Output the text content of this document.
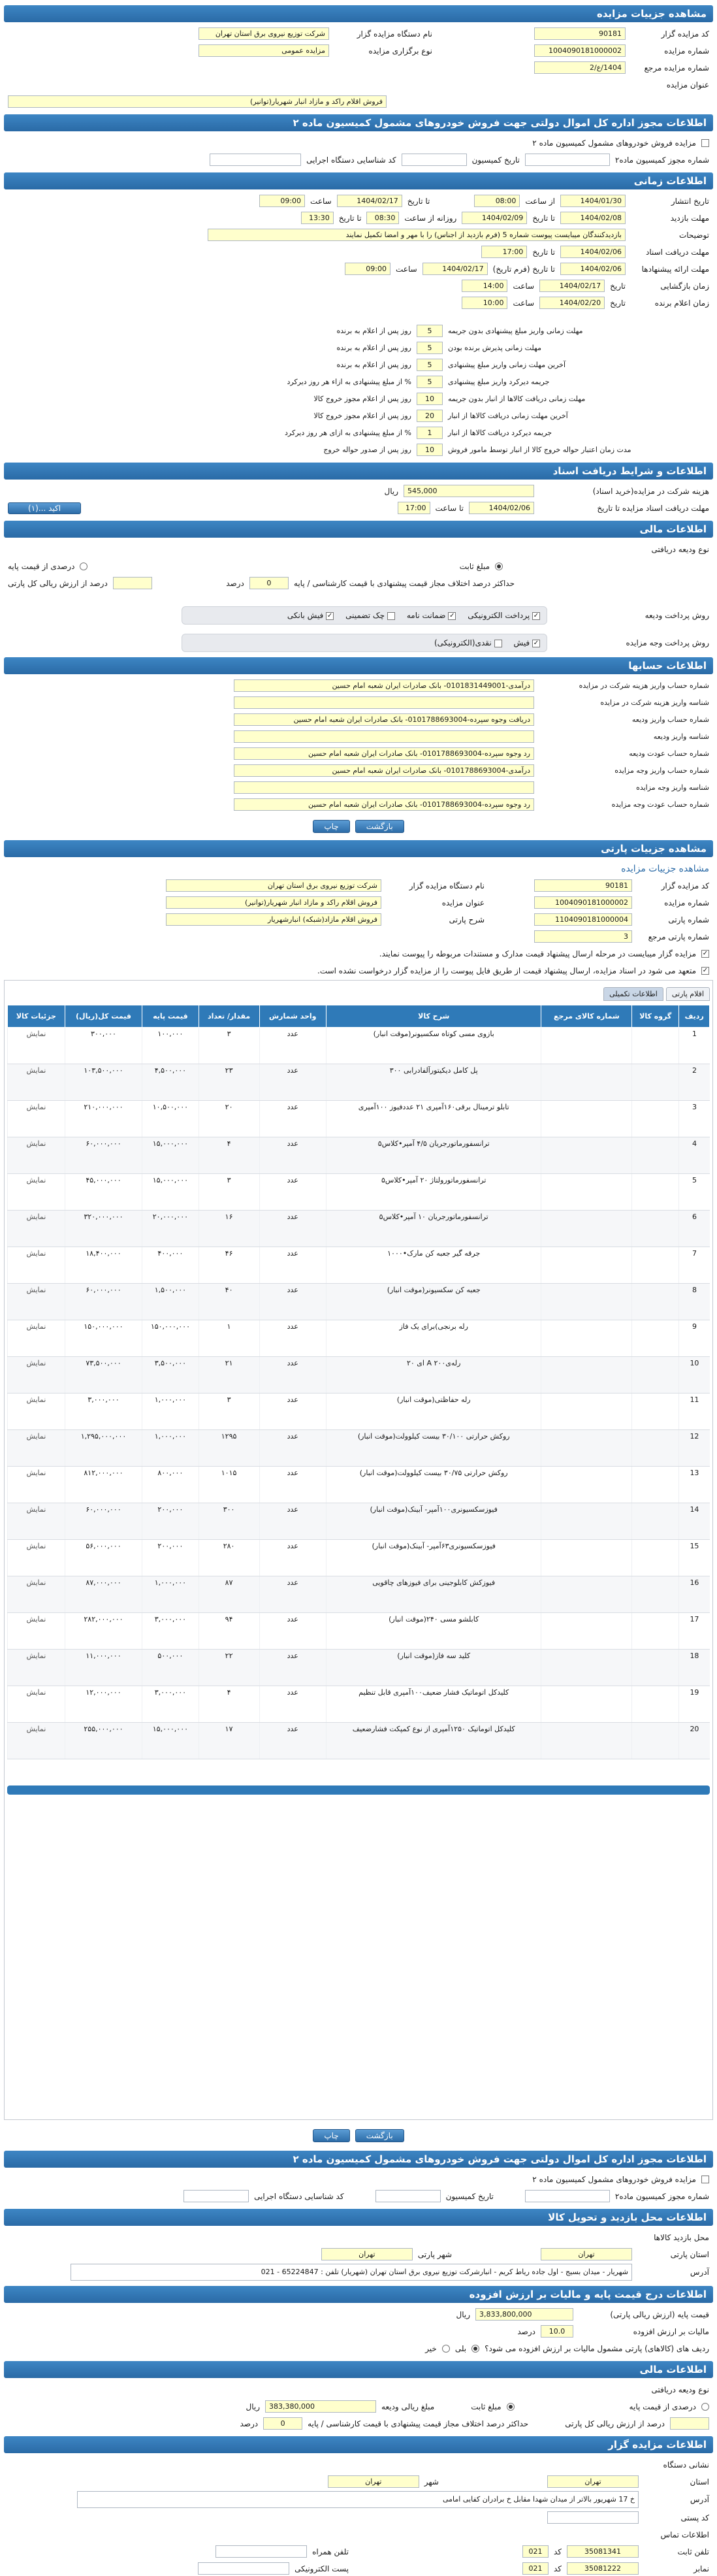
مشاهده جزییات مزایده
کد مزایده گزار
90181
نام دستگاه مزایده گزار
شرکت توزیع نیروی برق استان تهران
شماره مزایده
1004090181000002
نوع برگزاری مزایده
مزایده عمومی
شماره مزایده مرجع
1404/ع/2
عنوان مزایده
فروش اقلام راکد و مازاد انبار شهریار(توانیر)
اطلاعات مجوز اداره کل اموال دولتی جهت فروش خودروهای مشمول کمیسیون ماده ۲
مزایده فروش خودروهای مشمول کمیسیون ماده ۲
شماره مجوز کمیسیون ماده۲
تاریخ کمیسیون
کد شناسایی دستگاه اجرایی
اطلاعات زمانی
تاریخ انتشار
1404/01/30
از ساعت
08:00
تا تاریخ
1404/02/17
ساعت
09:00
مهلت بازدید
1404/02/08
تا تاریخ
1404/02/09
روزانه از ساعت
08:30
تا تاریخ
13:30
توضیحات
بازدیدکنندگان میبایست پیوست شماره 5 (فرم بازدید از اجناس) را با مهر و امضا تکمیل نمایند
مهلت دریافت اسناد
1404/02/06
تا تاریخ
17:00
مهلت ارائه پیشنهادها
1404/02/06
تا تاریخ (فرم تاریخ)
1404/02/17
ساعت
09:00
زمان بازگشایی
تاریخ
1404/02/17
ساعت
14:00
زمان اعلام برنده
تاریخ
1404/02/20
ساعت
10:00
مهلت زمانی واریز مبلغ پیشنهادی بدون جریمه
5
روز پس از اعلام به برنده
مهلت زمانی پذیرش برنده بودن
5
روز پس از اعلام به برنده
آخرین مهلت زمانی واریز مبلغ پیشنهادی
5
روز پس از اعلام به برنده
جریمه دیرکرد واریز مبلغ پیشنهادی
5
% از مبلغ پیشنهادی به ازاء هر روز دیرکرد
مهلت زمانی دریافت کالاها از انبار بدون جریمه
10
روز پس از اعلام مجوز خروج کالا
آخرین مهلت زمانی دریافت کالاها از انبار
20
روز پس از اعلام مجوز خروج کالا
جریمه دیرکرد دریافت کالاها از انبار
1
% از مبلغ پیشنهادی به ازای هر روز دیرکرد
مدت زمان اعتبار حواله خروج کالا از انبار توسط مامور فروش
10
روز پس از صدور حواله خروج
اطلاعات و شرایط دریافت اسناد
هزینه شرکت در مزایده(خرید اسناد)
545,000
ریال
مهلت دریافت اسناد مزایده تا تاریخ
1404/02/06
تا ساعت
17:00
اکید ...(۱)
اطلاعات مالی
نوع ودیعه دریافتی
مبلغ ثابت
درصدی از قیمت پایه
حداکثر درصد اختلاف مجاز قیمت پیشنهادی با قیمت کارشناسی / پایه
0
درصد
درصد از ارزش ریالی کل پارتی
روش پرداخت ودیعه
✓ پرداخت الکترونیکی
✓ ضمانت نامه
چک تضمینی
✓ فیش بانکی
روش پرداخت وجه مزایده
✓ فیش
نقدی(الکترونیکی)
اطلاعات حسابها
شماره حساب واریز هزینه شرکت در مزایده
درآمدی-0101831449001- بانک صادرات ایران شعبه امام حسین
شناسه واریز هزینه شرکت در مزایده
شماره حساب واریز ودیعه
دریافت وجوه سپرده-0101788693004- بانک صادرات ایران شعبه امام حسین
شناسه واریز ودیعه
شماره حساب عودت ودیعه
رد وجوه سپرده-0101788693004- بانک صادرات ایران شعبه امام حسین
شماره حساب واریز وجه مزایده
درآمدی-0101788693004- بانک صادرات ایران شعبه امام حسین
شناسه واریز وجه مزایده
شماره حساب عودت وجه مزایده
رد وجوه سپرده-0101788693004- بانک صادرات ایران شعبه امام حسین
بازگشت
چاپ
مشاهده جزییات پارتی
مشاهده جزییات مزایده
کد مزایده گزار
90181
نام دستگاه مزایده گزار
شرکت توزیع نیروی برق استان تهران
شماره مزایده
1004090181000002
عنوان مزایده
فروش اقلام راکد و مازاد انبار شهریار(توانیر)
شماره پارتی
1104090181000004
شرح پارتی
فروش اقلام مازاد(شبکه) انبارشهریار
شماره پارتی مرجع
3
✓
مزایده گزار میبایست در مرحله ارسال پیشنهاد قیمت مدارک و مستندات مربوطه را پیوست نمایند.
✓
متعهد می شود در اسناد مزایده، ارسال پیشنهاد قیمت از طریق فایل پیوست را از مزایده گزار درخواست نشده است.
اقلام پارتی
اطلاعات تکمیلی
ردیف	گروه کالا	شماره کالای مرجع	شرح کالا	واحد شمارش	مقدار/ تعداد	قیمت پایه	قیمت کل(ریال)	جزئیات کالا
1			بازوی مسی کوتاه سکسیونر(موقت انبار)	عدد	۳	۱۰۰,۰۰۰	۳۰۰,۰۰۰	نمایش
2			پل کامل دیکیتورآلفادرابی ۳۰۰	عدد	۲۳	۴,۵۰۰,۰۰۰	۱۰۳,۵۰۰,۰۰۰	نمایش
3			تابلو ترمینال برقی۱۶۰آمپری ۲۱ عددفیوز ۱۰۰آمپری	عدد	۲۰	۱۰,۵۰۰,۰۰۰	۲۱۰,۰۰۰,۰۰۰	نمایش
4			ترانسفورماتورجریان ۴/۵ آمپر•کلاس۵	عدد	۴	۱۵,۰۰۰,۰۰۰	۶۰,۰۰۰,۰۰۰	نمایش
5			ترانسفورماتورولتاژ ۲۰ آمپر•کلاس۵	عدد	۳	۱۵,۰۰۰,۰۰۰	۴۵,۰۰۰,۰۰۰	نمایش
6			ترانسفورماتورجریان ۱۰ آمپر•کلاس۵	عدد	۱۶	۲۰,۰۰۰,۰۰۰	۳۲۰,۰۰۰,۰۰۰	نمایش
7			جرقه گیر جعبه کن مارک•۱۰۰۰	عدد	۴۶	۴۰۰,۰۰۰	۱۸,۴۰۰,۰۰۰	نمایش
8			جعبه کن سکسیونر(موقت انبار)	عدد	۴۰	۱,۵۰۰,۰۰۰	۶۰,۰۰۰,۰۰۰	نمایش
9			رله برنجی)برای یک فاز	عدد	۱	۱۵۰,۰۰۰,۰۰۰	۱۵۰,۰۰۰,۰۰۰	نمایش
10			رله‌ی۲۰۰ A ای ۲۰	عدد	۲۱	۳,۵۰۰,۰۰۰	۷۳,۵۰۰,۰۰۰	نمایش
11			رله حفاظتی(موقت انبار)	عدد	۳	۱,۰۰۰,۰۰۰	۳,۰۰۰,۰۰۰	نمایش
12			روکش حرارتی ۳۰/۱۰۰ بیست کیلوولت(موقت انبار)	عدد	۱۲۹۵	۱,۰۰۰,۰۰۰	۱,۲۹۵,۰۰۰,۰۰۰	نمایش
13			روکش حرارتی ۳۰/۷۵ بیست کیلوولت(موقت انبار)	عدد	۱۰۱۵	۸۰۰,۰۰۰	۸۱۲,۰۰۰,۰۰۰	نمایش
14			فیوزسکسیونری۱۰۰آمپر- آبینک(موقت انبار)	عدد	۳۰۰	۲۰۰,۰۰۰	۶۰,۰۰۰,۰۰۰	نمایش
15			فیوزسکسیونری۶۳آمپر- آبینک(موقت انبار)	عدد	۲۸۰	۲۰۰,۰۰۰	۵۶,۰۰۰,۰۰۰	نمایش
16			فیوزکش کابلوجینی برای فیوزهای چاقویی	عدد	۸۷	۱,۰۰۰,۰۰۰	۸۷,۰۰۰,۰۰۰	نمایش
17			کابلشو مسی ۲۴۰(موقت انبار)	عدد	۹۴	۳,۰۰۰,۰۰۰	۲۸۲,۰۰۰,۰۰۰	نمایش
18			کلید سه فاز(موقت انبار)	عدد	۲۲	۵۰۰,۰۰۰	۱۱,۰۰۰,۰۰۰	نمایش
19			کلیدکل اتوماتیک فشار ضعیف۱۰۰آمپری قابل تنظیم	عدد	۴	۳,۰۰۰,۰۰۰	۱۲,۰۰۰,۰۰۰	نمایش
20			کلیدکل اتوماتیک ۱۲۵۰آمپری از نوع کمپکت فشارضعیف	عدد	۱۷	۱۵,۰۰۰,۰۰۰	۲۵۵,۰۰۰,۰۰۰	نمایش
بازگشت
چاپ
اطلاعات مجوز اداره کل اموال دولتی جهت فروش خودروهای مشمول کمیسیون ماده ۲
مزایده فروش خودروهای مشمول کمیسیون ماده ۲
شماره مجوز کمیسیون ماده۲
تاریخ کمیسیون
کد شناسایی دستگاه اجرایی
اطلاعات محل بازدید و تحویل کالا
محل بازدید کالاها
استان پارتی
تهران
شهر پارتی
تهران
آدرس
شهریار - میدان بسیج - اول جاده ریاط کریم - انبارشرکت توزیع نیروی برق استان تهران (شهریار) تلفن : 65224847 - 021
اطلاعات درج قیمت پایه و مالیات بر ارزش افزوده
قیمت پایه (ارزش ریالی پارتی)
3,833,800,000
ریال
مالیات بر ارزش افزوده
10.0
درصد
ردیف های (کالاهای) پارتی مشمول مالیات بر ارزش افزوده می شود؟
بلی
خیر
اطلاعات مالی
نوع ودیعه دریافتی
درصدی از قیمت پایه
مبلغ ثابت
مبلغ ریالی ودیعه
383,380,000
ریال
درصد از ارزش ریالی کل پارتی
حداکثر درصد اختلاف مجاز قیمت پیشنهادی با قیمت کارشناسی / پایه
0
درصد
اطلاعات مزایده گزار
نشانی دستگاه
استان
تهران
شهر
تهران
آدرس
خ 17 شهریور بالاتر از میدان شهدا مقابل خ برادران کفایی امامی
کد پستی
اطلاعات تماس
تلفن ثابت
35081341
کد
021
تلفن همراه
نمابر
35081222
کد
021
پست الکترونیکی
